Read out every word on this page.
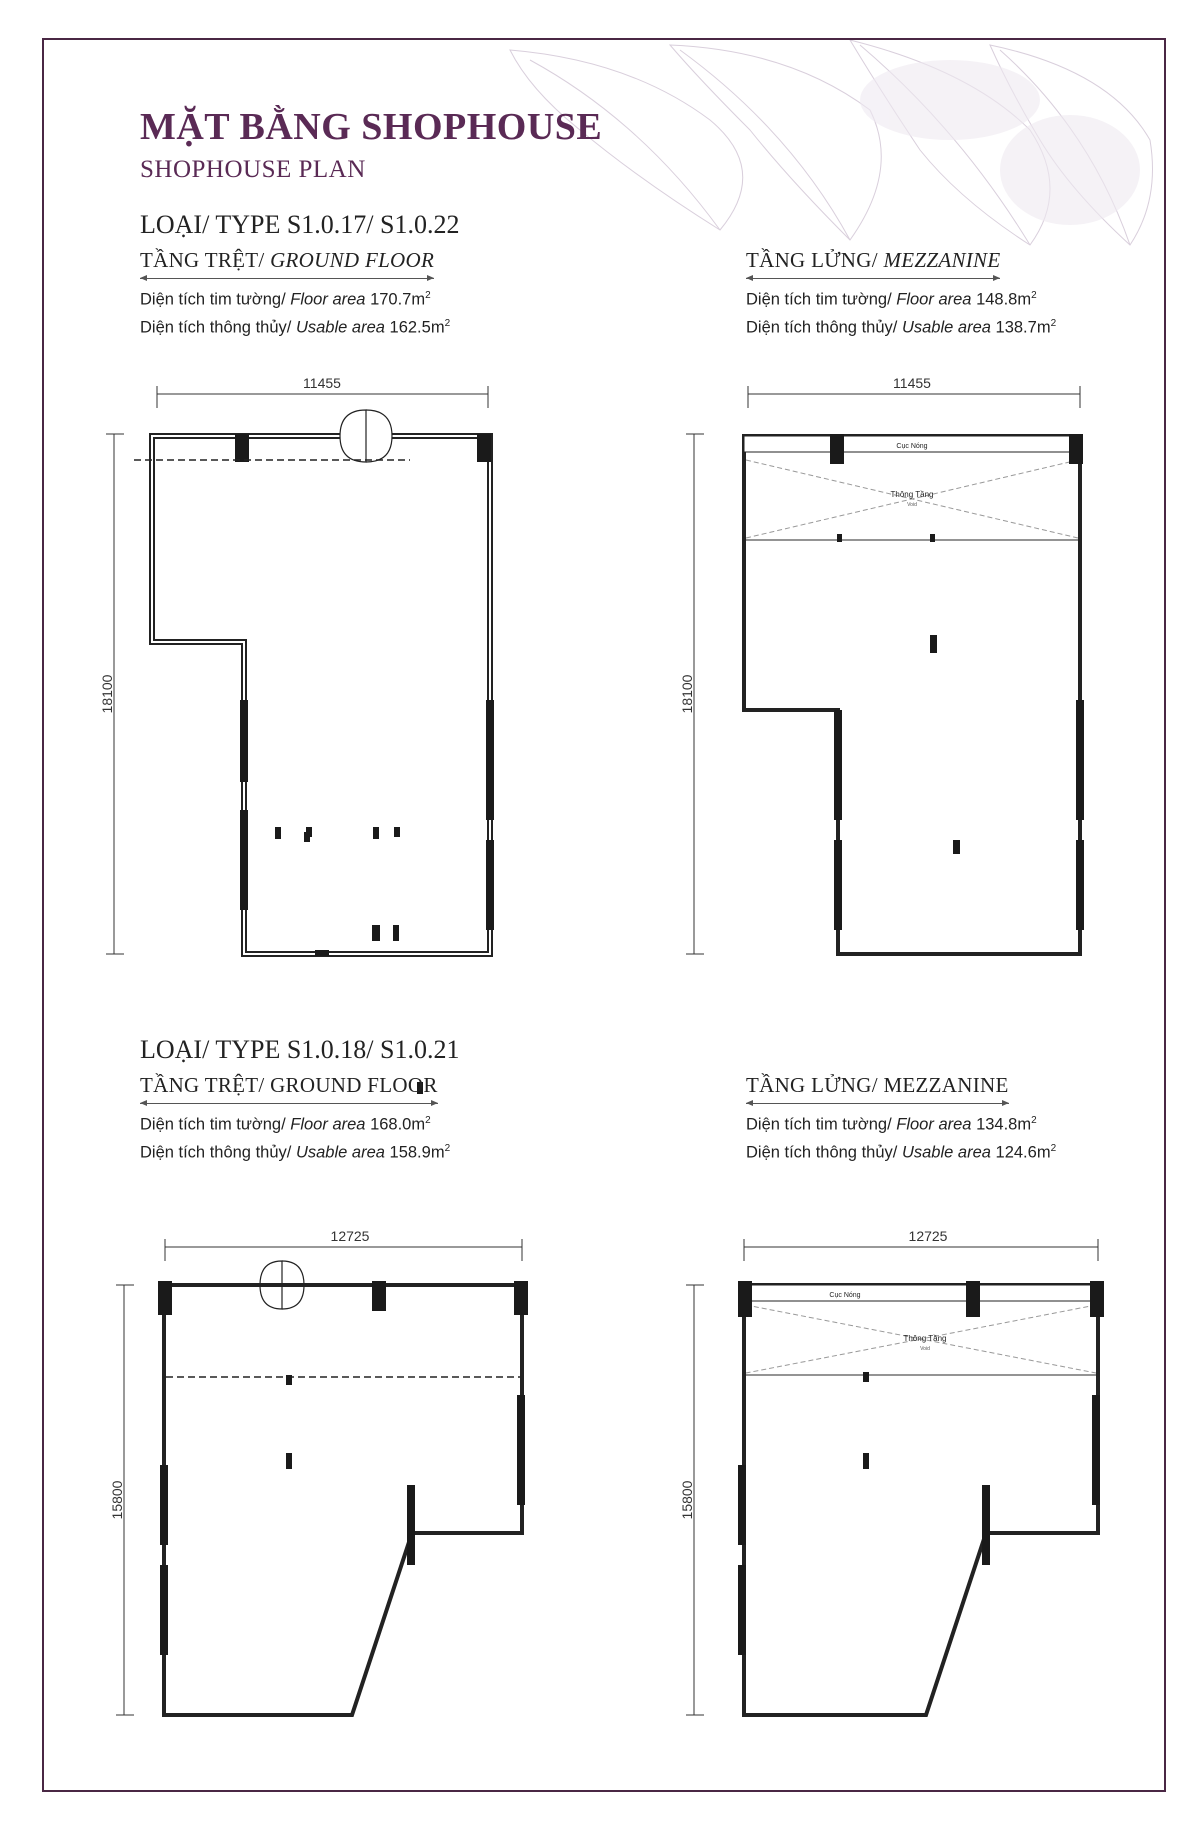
MẶT BẰNG SHOPHOUSE
SHOPHOUSE PLAN
LOẠI/ TYPE S1.0.17/ S1.0.22
TẦNG TRỆT/ GROUND FLOOR
Diện tích tim tường/ Floor area $170.7m^2$
Diện tích thông thủy/ Usable area $162.5m^2$
TẦNG LỬNG/ MEZZANINE
Diện tích tim tường/ Floor area $148.8m^2$
Diện tích thông thủy/ Usable area $138.7m^2$
11455
18100
11455
18100
Cục Nóng
Thông Tầng
Void
LOẠI/ TYPE S1.0.18/ S1.0.21
TẦNG TRỆT/ GROUND FLOOR
Diện tích tim tường/ Floor area $168.0m^2$
Diện tích thông thủy/ Usable area $158.9m^2$
TẦNG LỬNG/ MEZZANINE
Diện tích tim tường/ Floor area $134.8m^2$
Diện tích thông thủy/ Usable area $124.6m^2$
12725
15800
12725
15800
Cục Nóng
Thông Tầng
Void
